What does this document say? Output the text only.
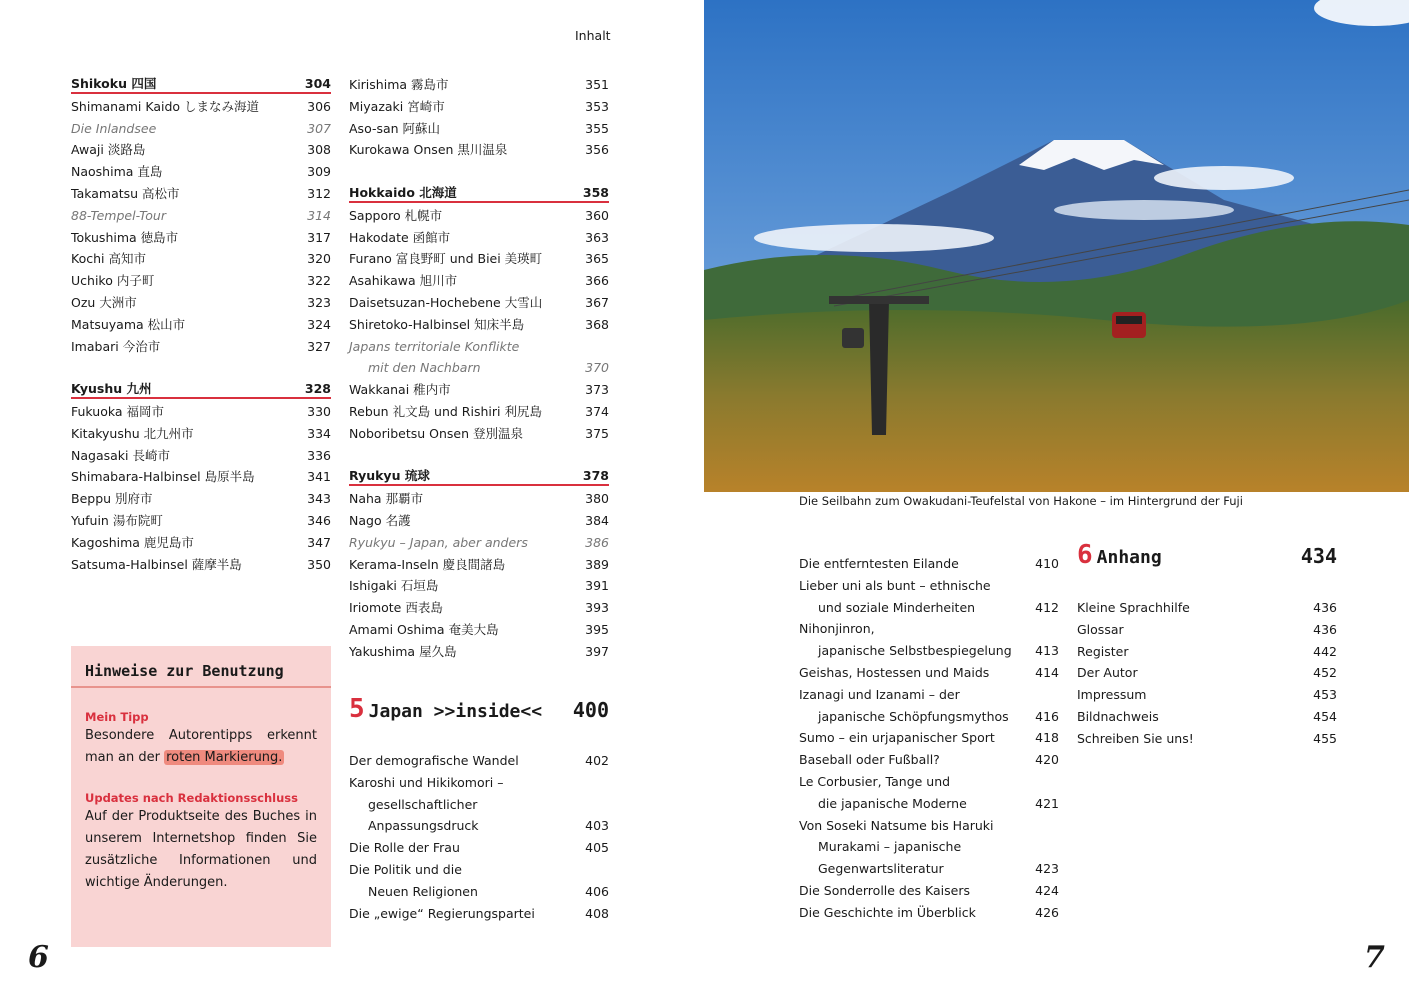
Inhalt
Shikoku 四国	304
Shimanami Kaido しまなみ海道	306
Die Inlandsee	307
Awaji 淡路島	308
Naoshima 直島	309
Takamatsu 高松市	312
88-Tempel-Tour	314
Tokushima 徳島市	317
Kochi 高知市	320
Uchiko 内子町	322
Ozu 大洲市	323
Matsuyama 松山市	324
Imabari 今治市	327
Kyushu 九州	328
Fukuoka 福岡市	330
Kitakyushu 北九州市	334
Nagasaki 長崎市	336
Shimabara-Halbinsel 島原半島	341
Beppu 別府市	343
Yufuin 湯布院町	346
Kagoshima 鹿児島市	347
Satsuma-Halbinsel 薩摩半島	350
Kirishima 霧島市	351
Miyazaki 宮崎市	353
Aso-san 阿蘇山	355
Kurokawa Onsen 黒川温泉	356
Hokkaido 北海道	358
Sapporo 札幌市	360
Hakodate 函館市	363
Furano 富良野町 und Biei 美瑛町	365
Asahikawa 旭川市	366
Daisetsuzan-Hochebene 大雪山	367
Shiretoko-Halbinsel 知床半島	368
Japans territoriale Konflikte
mit den Nachbarn	370
Wakkanai 稚内市	373
Rebun 礼文島 und Rishiri 利尻島	374
Noboribetsu Onsen 登別温泉	375
Ryukyu 琉球	378
Naha 那覇市	380
Nago 名護	384
Ryukyu – Japan, aber anders	386
Kerama-Inseln 慶良間諸島	389
Ishigaki 石垣島	391
Iriomote 西表島	393
Amami Oshima 奄美大島	395
Yakushima 屋久島	397
5 Japan >>inside<< 400
Der demografische Wandel	402
Karoshi und Hikikomori –
gesellschaftlicher
Anpassungsdruck	403
Die Rolle der Frau	405
Die Politik und die
Neuen Religionen	406
Die „ewige“ Regierungspartei	408
Hinweise zur Benutzung
Mein Tipp
Besondere Autorentipps erkennt man an der roten Markierung.
Updates nach Redaktionsschluss
Auf der Produktseite des Buches in unserem Internetshop finden Sie zusätzliche Informationen und wichtige Änderungen.
6
Die Seilbahn zum Owakudani-Teufelstal von Hakone – im Hintergrund der Fuji
Die entferntesten Eilande	410
Lieber uni als bunt – ethnische
und soziale Minderheiten	412
Nihonjinron,
japanische Selbstbespiegelung 413
Geishas, Hostessen und Maids	414
Izanagi und Izanami – der
japanische Schöpfungsmythos 416
Sumo – ein urjapanischer Sport	418
Baseball oder Fußball?	420
Le Corbusier, Tange und
die japanische Moderne	421
Von Soseki Natsume bis Haruki
Murakami – japanische
Gegenwartsliteratur	423
Die Sonderrolle des Kaisers	424
Die Geschichte im Überblick	426
6 Anhang	434
Kleine Sprachhilfe	436
Glossar	436
Register	442
Der Autor	452
Impressum	453
Bildnachweis	454
Schreiben Sie uns!	455
7
